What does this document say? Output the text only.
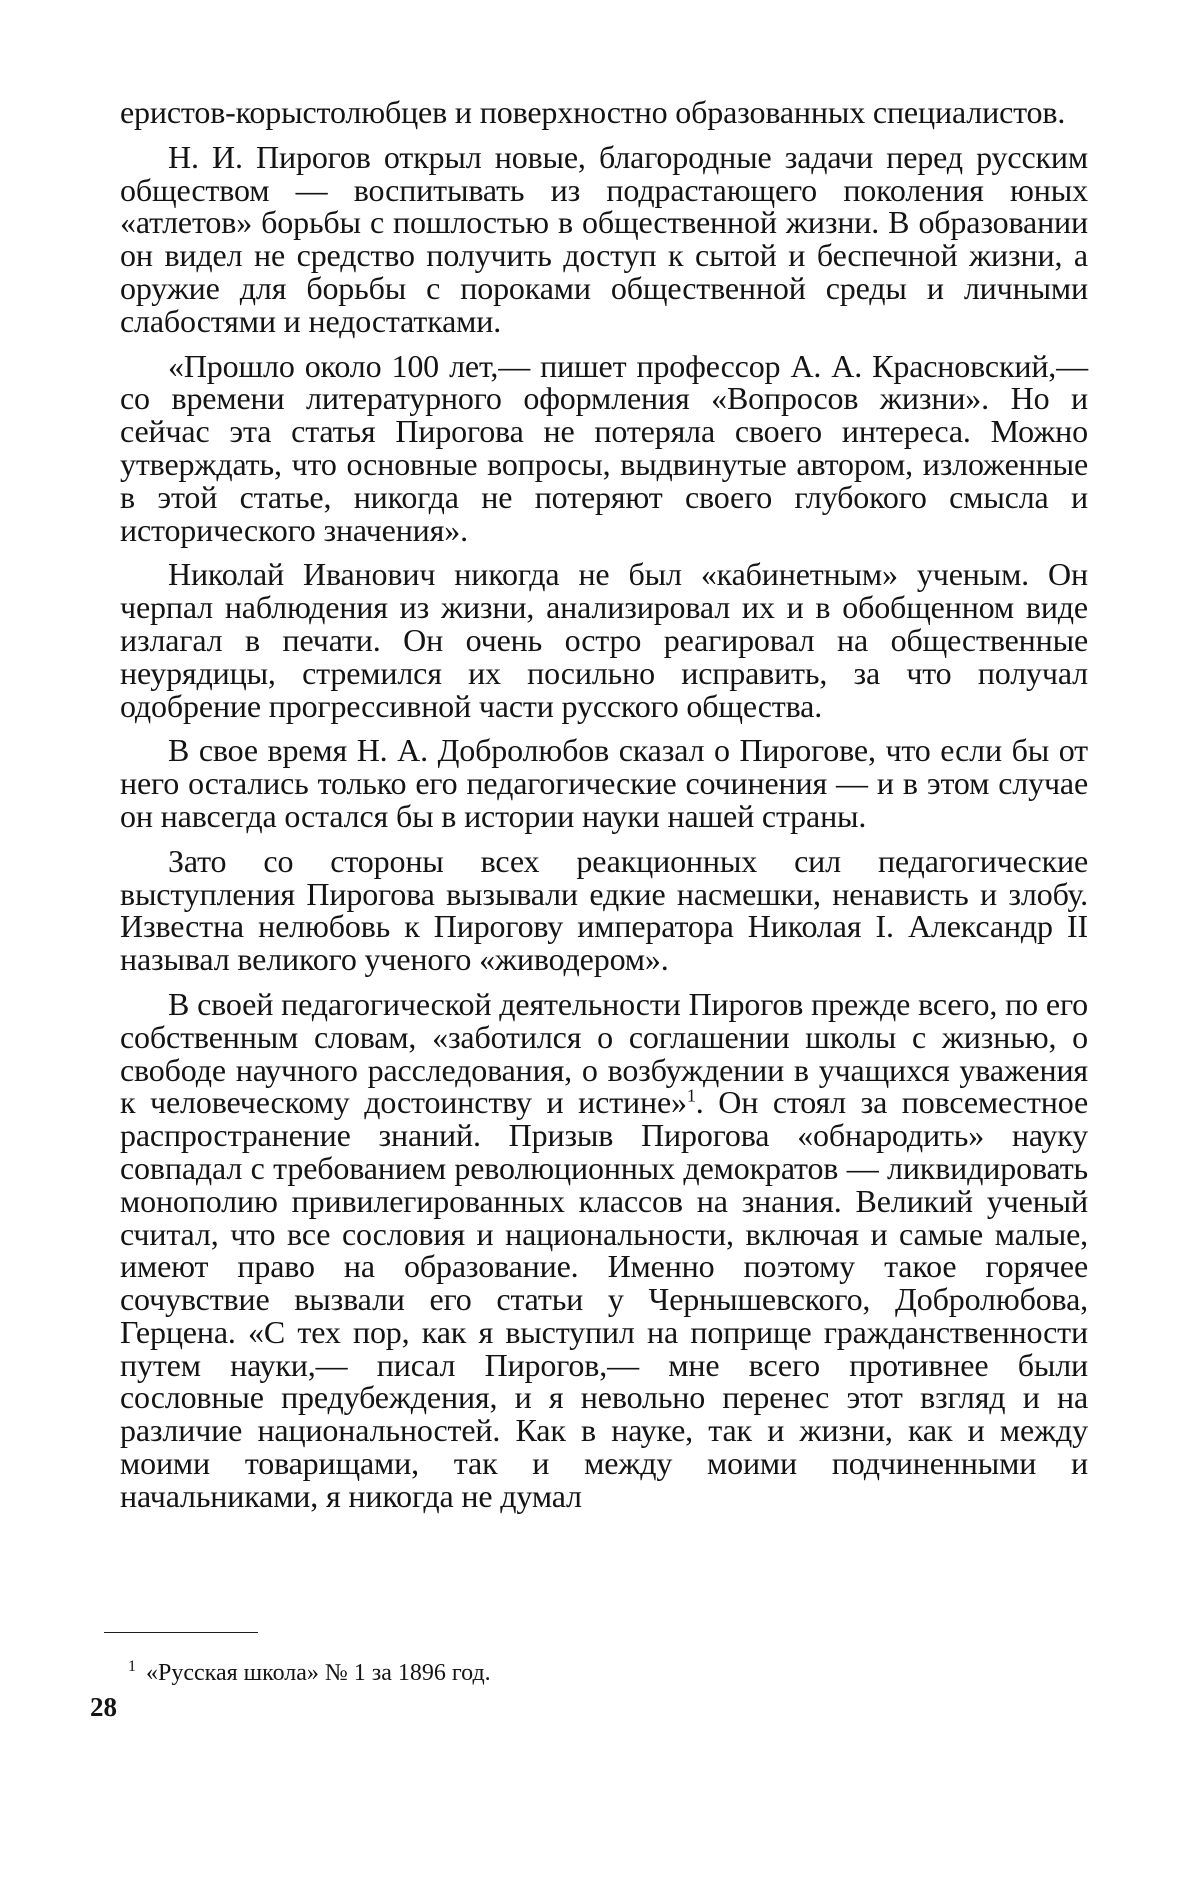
еристов-корыстолюбцев и поверхностно образованных специалистов.

Н. И. Пирогов открыл новые, благородные задачи перед русским обществом — воспитывать из подрастающего поколения юных «атлетов» борьбы с пошлостью в общественной жизни. В образовании он видел не средство получить доступ к сытой и беспечной жизни, а оружие для борьбы с пороками общественной среды и личными слабостями и недостатками.

«Прошло около 100 лет,— пишет профессор А. А. Красновский,— со времени литературного оформления «Вопросов жизни». Но и сейчас эта статья Пирогова не потеряла своего интереса. Можно утверждать, что основные вопросы, выдвинутые автором, изложенные в этой статье, никогда не потеряют своего глубокого смысла и исторического значения».

Николай Иванович никогда не был «кабинетным» ученым. Он черпал наблюдения из жизни, анализировал их и в обобщенном виде излагал в печати. Он очень остро реагировал на общественные неурядицы, стремился их посильно исправить, за что получал одобрение прогрессивной части русского общества.

В свое время Н. А. Добролюбов сказал о Пирогове, что если бы от него остались только его педагогические сочинения — и в этом случае он навсегда остался бы в истории науки нашей страны.

Зато со стороны всех реакционных сил педагогические выступления Пирогова вызывали едкие насмешки, ненависть и злобу. Известна нелюбовь к Пирогову императора Николая I. Александр II называл великого ученого «живодером».

В своей педагогической деятельности Пирогов прежде всего, по его собственным словам, «заботился о соглашении школы с жизнью, о свободе научного расследования, о возбуждении в учащихся уважения к человеческому достоинству и истине»$^1$. Он стоял за повсеместное распространение знаний. Призыв Пирогова «обнародить» науку совпадал с требованием революционных демократов — ликвидировать монополию привилегированных классов на знания. Великий ученый считал, что все сословия и национальности, включая и самые малые, имеют право на образование. Именно поэтому такое горячее сочувствие вызвали его статьи у Чернышевского, Добролюбова, Герцена. «С тех пор, как я выступил на поприще гражданственности путем науки,— писал Пирогов,— мне всего противнее были сословные предубеждения, и я невольно перенес этот взгляд и на различие национальностей. Как в науке, так и жизни, как и между моими товарищами, так и между моими подчиненными и начальниками, я никогда не думал

1 «Русская школа» № 1 за 1896 год.
28
